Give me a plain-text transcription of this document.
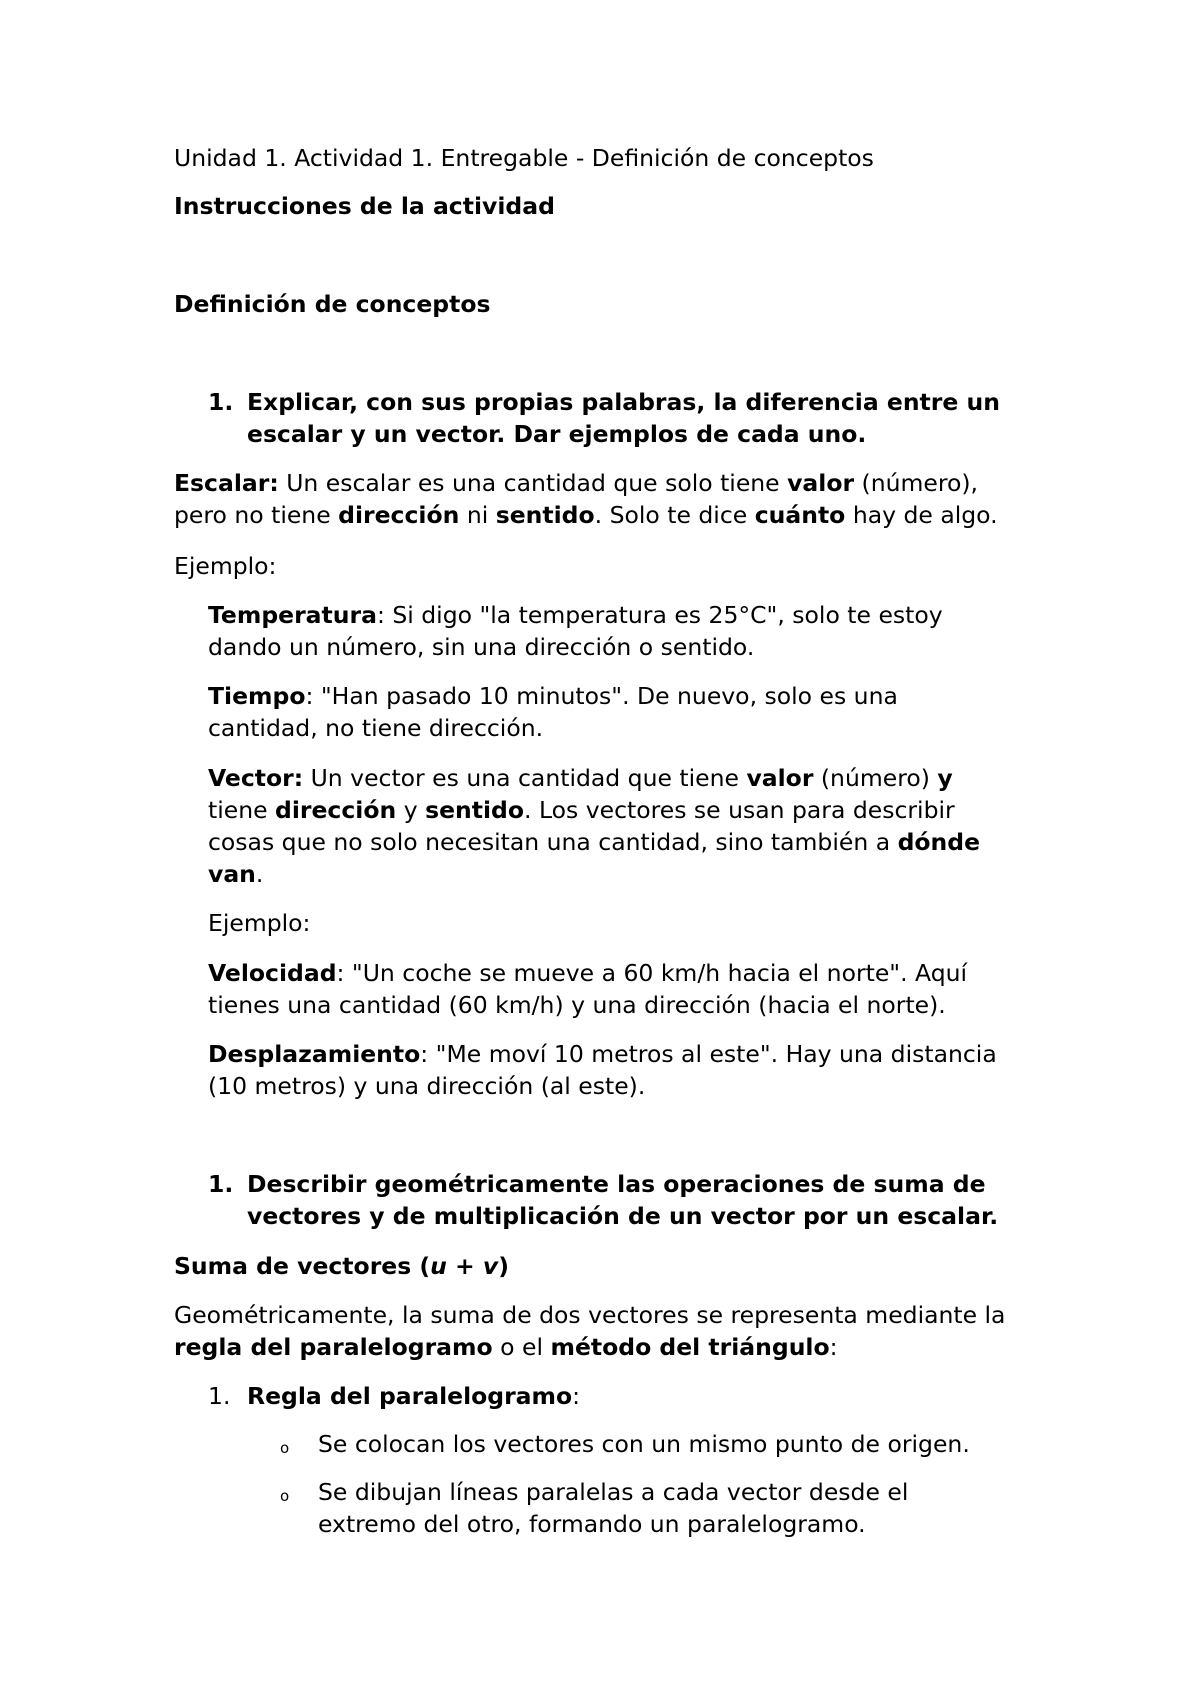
Unidad 1. Actividad 1. Entregable - Definición de conceptos

Instrucciones de la actividad

Definición de conceptos

1. Explicar, con sus propias palabras, la diferencia entre un

escalar y un vector. Dar ejemplos de cada uno.

Escalar: Un escalar es una cantidad que solo tiene valor (número),

pero no tiene dirección ni sentido. Solo te dice cuánto hay de algo.

Ejemplo:

Temperatura: Si digo "la temperatura es 25°C", solo te estoy

dando un número, sin una dirección o sentido.

Tiempo: "Han pasado 10 minutos". De nuevo, solo es una

cantidad, no tiene dirección.

Vector: Un vector es una cantidad que tiene valor (número) y

tiene dirección y sentido. Los vectores se usan para describir

cosas que no solo necesitan una cantidad, sino también a dónde

van.

Ejemplo:

Velocidad: "Un coche se mueve a 60 km/h hacia el norte". Aquí

tienes una cantidad (60 km/h) y una dirección (hacia el norte).

Desplazamiento: "Me moví 10 metros al este". Hay una distancia

(10 metros) y una dirección (al este).

1. Describir geométricamente las operaciones de suma de

vectores y de multiplicación de un vector por un escalar.

Suma de vectores (u + v)

Geométricamente, la suma de dos vectores se representa mediante la

regla del paralelogramo o el método del triángulo:

1. Regla del paralelogramo:

o Se colocan los vectores con un mismo punto de origen.

o Se dibujan líneas paralelas a cada vector desde el

extremo del otro, formando un paralelogramo.
